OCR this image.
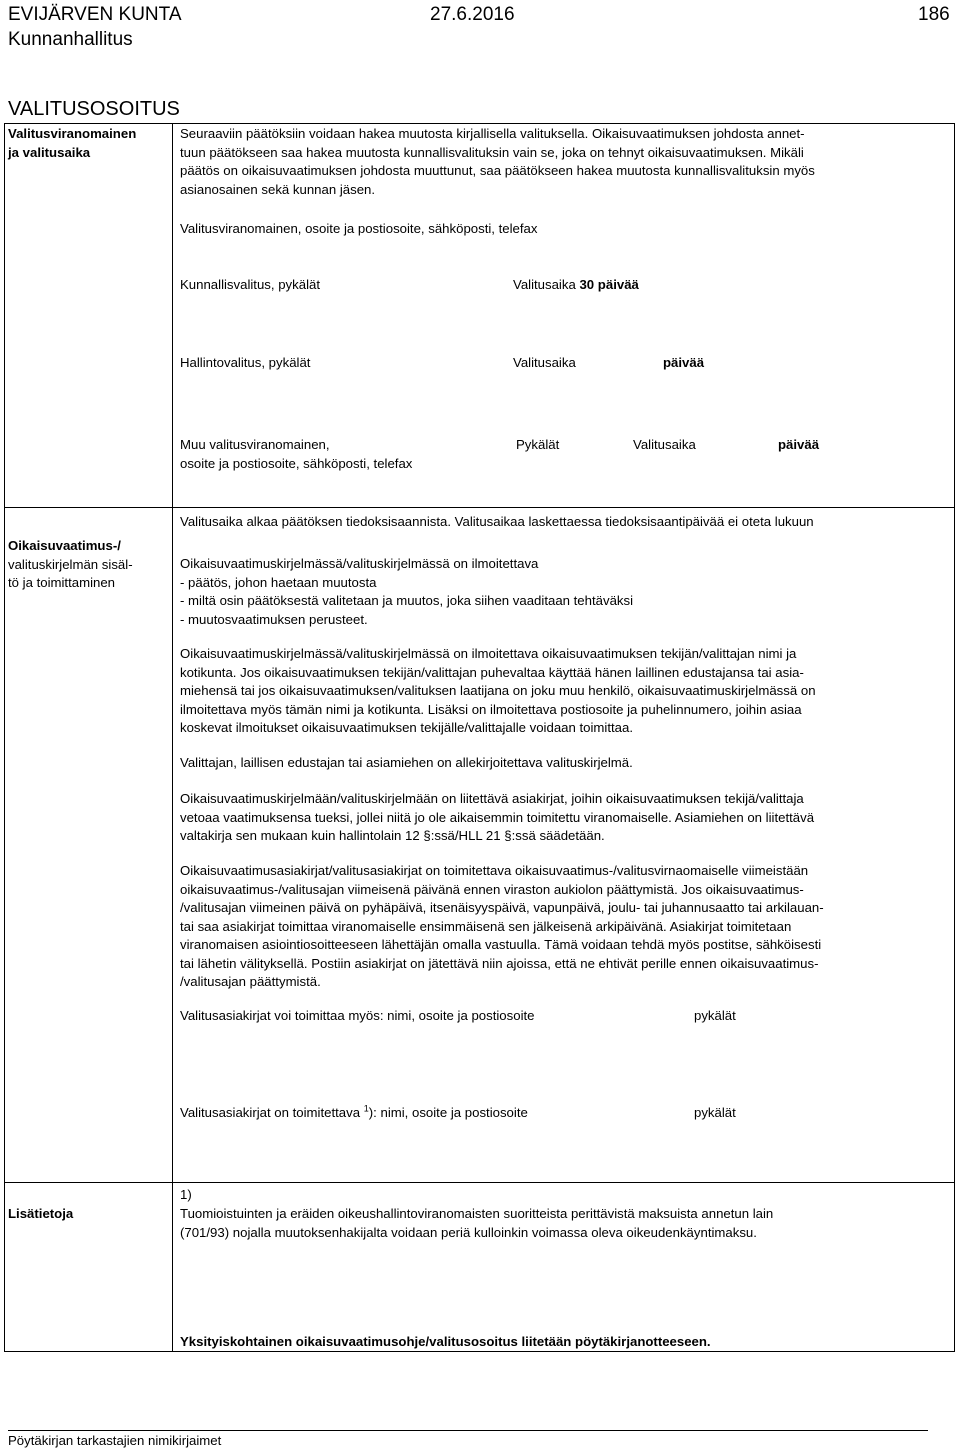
EVIJÄRVEN KUNTA	27.6.2016	186
Kunnanhallitus
VALITUSOSOITUS
Valitusviranomainen
ja valitusaika
Seuraaviin päätöksiin voidaan hakea muutosta kirjallisella valituksella. Oikaisuvaatimuksen johdosta annet-
tuun päätökseen saa hakea muutosta kunnallisvalituksin vain se, joka on tehnyt oikaisuvaatimuksen. Mikäli
päätös on oikaisuvaatimuksen johdosta muuttunut, saa päätökseen hakea muutosta kunnallisvalituksin myös
asianosainen sekä kunnan jäsen.
Valitusviranomainen, osoite ja postiosoite, sähköposti, telefax
Kunnallisvalitus, pykälät	Valitusaika 30 päivää
Hallintovalitus, pykälät	Valitusaika	päivää
Muu valitusviranomainen,
osoite ja postiosoite, sähköposti, telefax
Pykälät	Valitusaika	päivää
Valitusaika alkaa päätöksen tiedoksisaannista. Valitusaikaa laskettaessa tiedoksisaantipäivää ei oteta lukuun
Oikaisuvaatimus-/
valituskirjelmän sisäl-
tö ja toimittaminen
Oikaisuvaatimuskirjelmässä/valituskirjelmässä on ilmoitettava
- päätös, johon haetaan muutosta
- miltä osin päätöksestä valitetaan ja muutos, joka siihen vaaditaan tehtäväksi
- muutosvaatimuksen perusteet.
Oikaisuvaatimuskirjelmässä/valituskirjelmässä on ilmoitettava oikaisuvaatimuksen tekijän/valittajan nimi ja
kotikunta. Jos oikaisuvaatimuksen tekijän/valittajan puhevaltaa käyttää hänen laillinen edustajansa tai asia-
miehensä tai jos oikaisuvaatimuksen/valituksen laatijana on joku muu henkilö, oikaisuvaatimuskirjelmässä on
ilmoitettava myös tämän nimi ja kotikunta. Lisäksi on ilmoitettava postiosoite ja puhelinnumero, joihin asiaa
koskevat ilmoitukset oikaisuvaatimuksen tekijälle/valittajalle voidaan toimittaa.
Valittajan, laillisen edustajan tai asiamiehen on allekirjoitettava valituskirjelmä.
Oikaisuvaatimuskirjelmään/valituskirjelmään on liitettävä asiakirjat, joihin oikaisuvaatimuksen tekijä/valittaja
vetoaa vaatimuksensa tueksi, jollei niitä jo ole aikaisemmin toimitettu viranomaiselle. Asiamiehen on liitettävä
valtakirja sen mukaan kuin hallintolain 12 §:ssä/HLL 21 §:ssä säädetään.
Oikaisuvaatimusasiakirjat/valitusasiakirjat on toimitettava oikaisuvaatimus-/valitusvirnaomaiselle viimeistään
oikaisuvaatimus-/valitusajan viimeisenä päivänä ennen viraston aukiolon päättymistä. Jos oikaisuvaatimus-
/valitusajan viimeinen päivä on pyhäpäivä, itsenäisyyspäivä, vapunpäivä, joulu- tai juhannusaatto tai arkilauan-
tai saa asiakirjat toimittaa viranomaiselle ensimmäisenä sen jälkeisenä arkipäivänä. Asiakirjat toimitetaan
viranomaisen asiointiosoitteeseen lähettäjän omalla vastuulla. Tämä voidaan tehdä myös postitse, sähköisesti
tai lähetin välityksellä. Postiin asiakirjat on jätettävä niin ajoissa, että ne ehtivät perille ennen oikaisuvaatimus-
/valitusajan päättymistä.
Valitusasiakirjat voi toimittaa myös: nimi, osoite ja postiosoite	pykälät
Valitusasiakirjat on toimitettava $^1$): nimi, osoite ja postiosoite	pykälät
Lisätietoja
1)
Tuomioistuinten ja eräiden oikeushallintoviranomaisten suoritteista perittävistä maksuista annetun lain
(701/93) nojalla muutoksenhakijalta voidaan periä kulloinkin voimassa oleva oikeudenkäyntimaksu.
Yksityiskohtainen oikaisuvaatimusohje/valitusosoitus liitetään pöytäkirjanotteeseen.
Pöytäkirjan tarkastajien nimikirjaimet
